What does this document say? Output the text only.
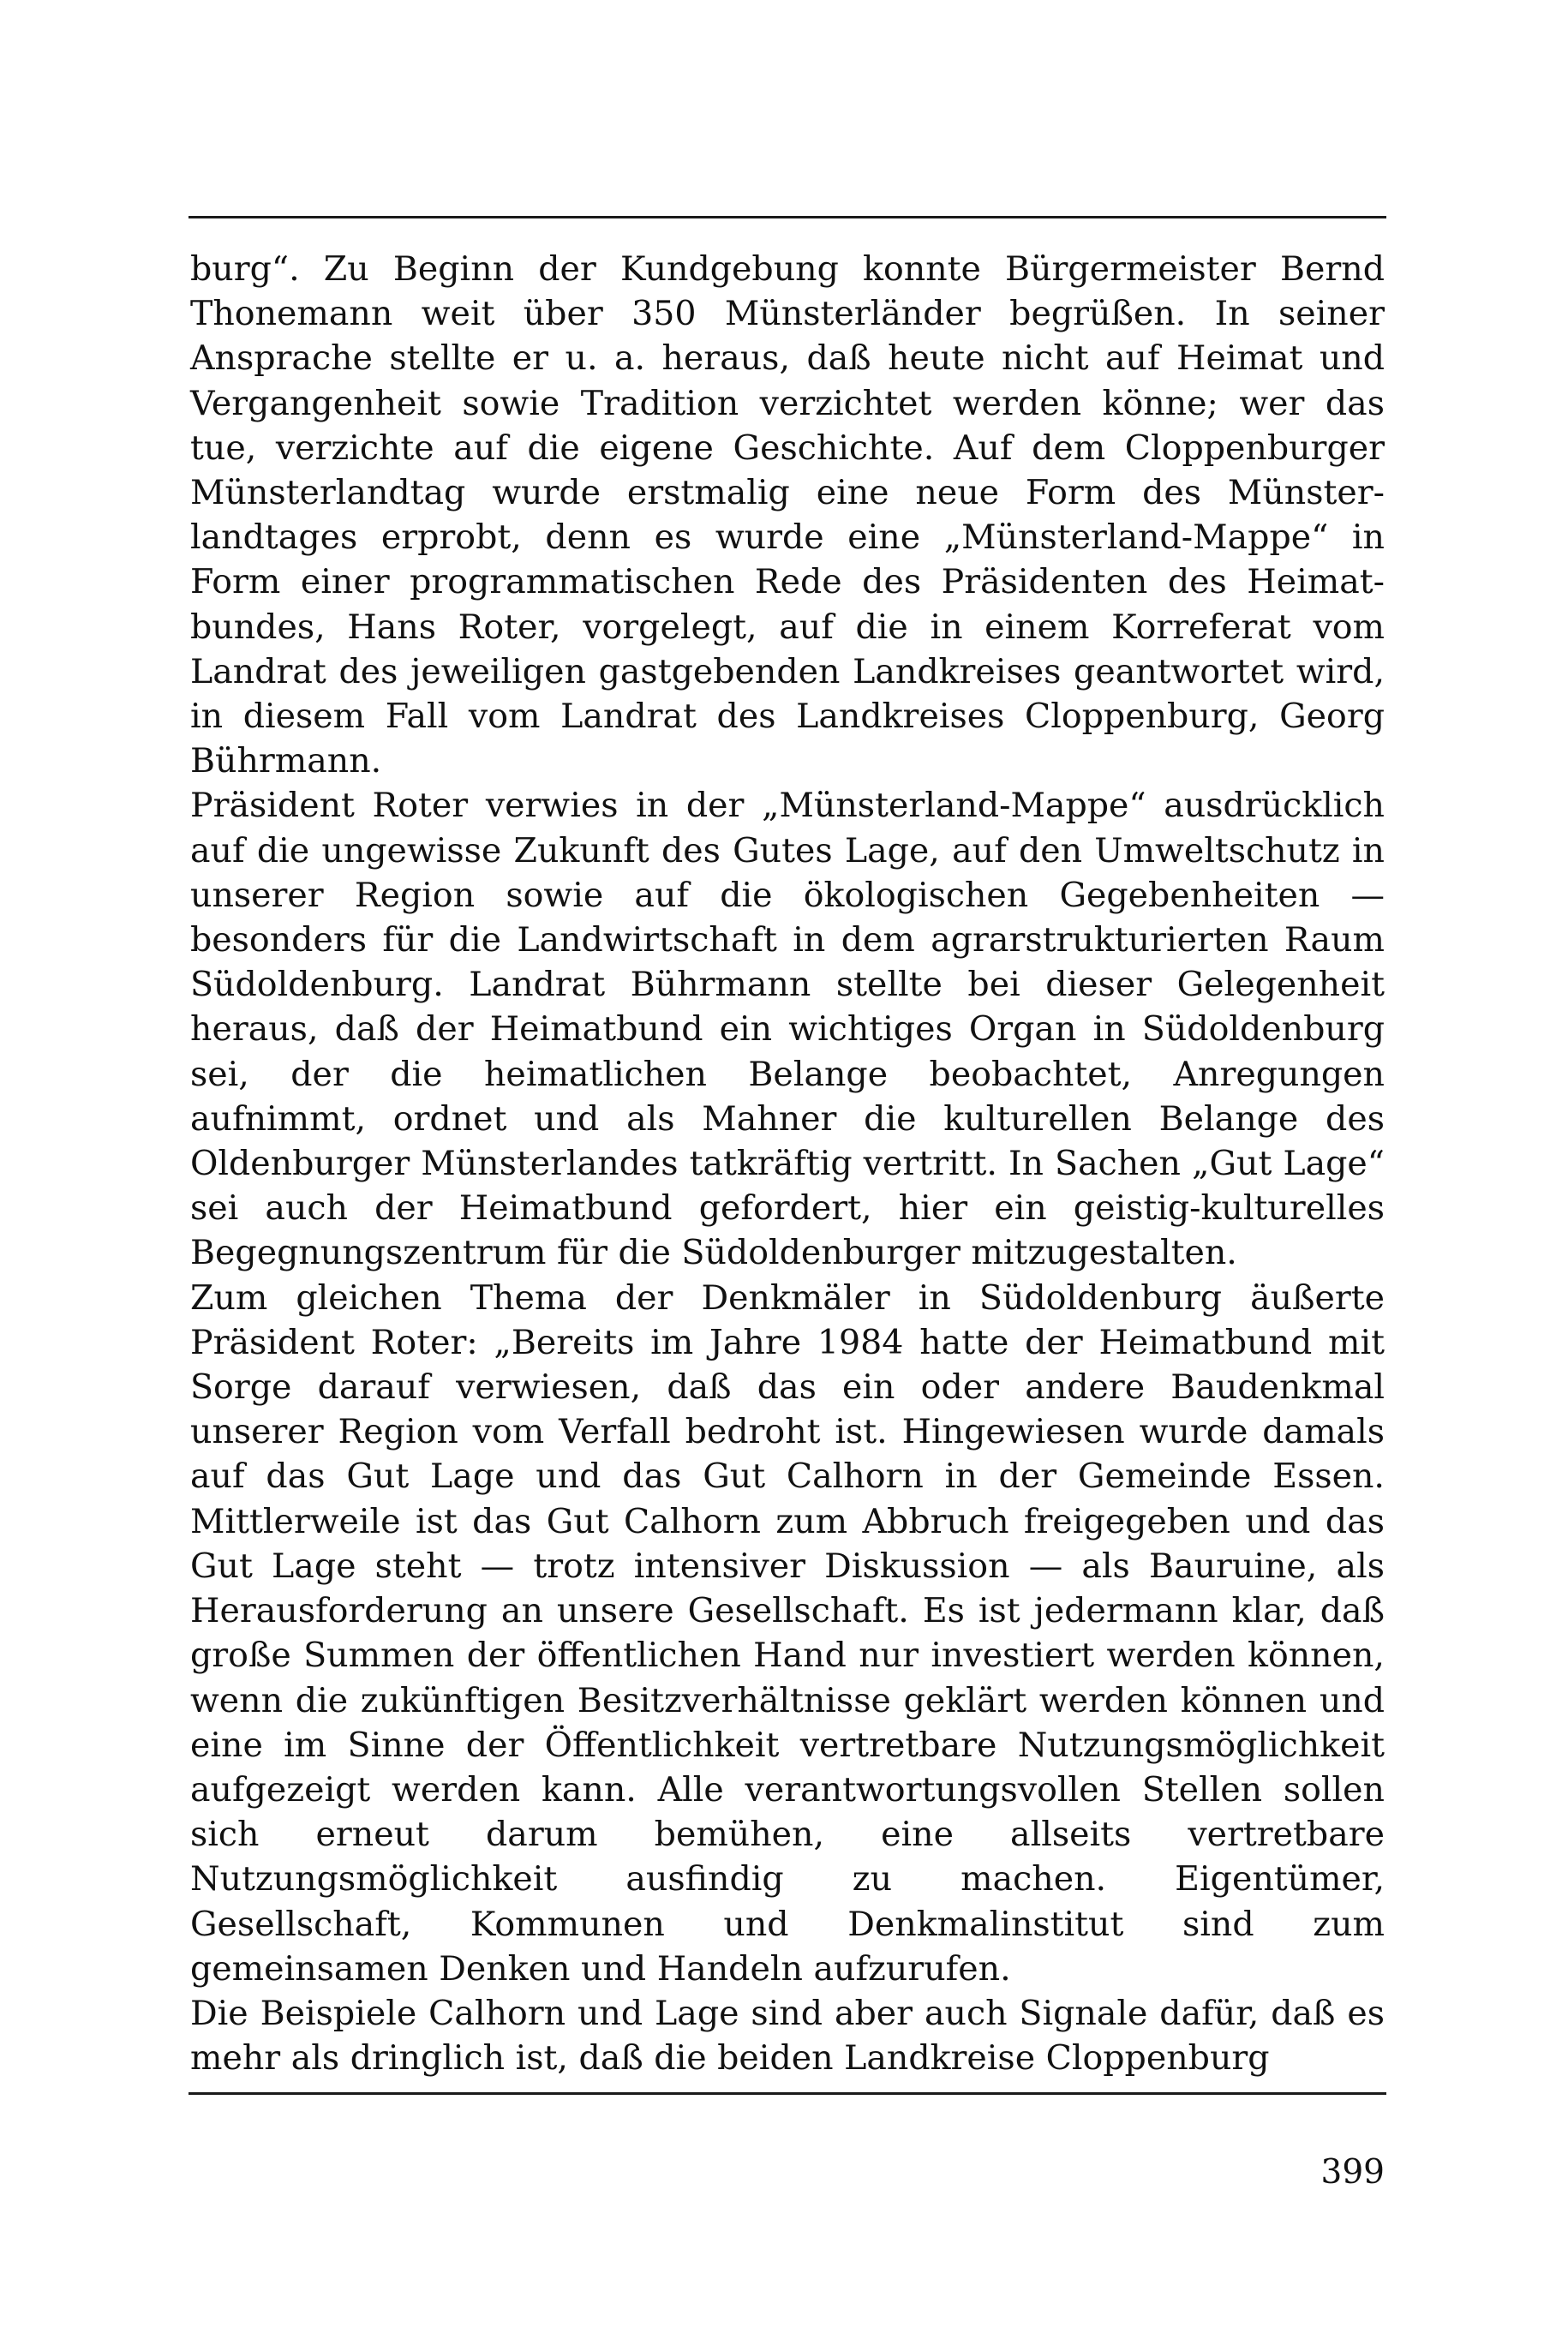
burg“. Zu Beginn der Kundgebung konnte Bürgermeister Bernd Thonemann weit über 350 Münsterländer begrüßen. In seiner Ansprache stellte er u. a. heraus, daß heute nicht auf Heimat und Vergangenheit sowie Tradition verzichtet werden könne; wer das tue, verzichte auf die eigene Geschichte. Auf dem Cloppenburger Münsterlandtag wurde erstmalig eine neue Form des Münsterlandtages erprobt, denn es wurde eine „Münsterland-Mappe“ in Form einer programmatischen Rede des Präsidenten des Heimatbundes, Hans Roter, vorgelegt, auf die in einem Korreferat vom Landrat des jeweiligen gastgebenden Landkreises geantwortet wird, in diesem Fall vom Landrat des Landkreises Cloppenburg, Georg Bührmann.

Präsident Roter verwies in der „Münsterland-Mappe“ ausdrücklich auf die ungewisse Zukunft des Gutes Lage, auf den Umweltschutz in unserer Region sowie auf die ökologischen Gegebenheiten — besonders für die Landwirtschaft in dem agrarstrukturierten Raum Südoldenburg. Landrat Bührmann stellte bei dieser Gelegenheit heraus, daß der Heimatbund ein wichtiges Organ in Südoldenburg sei, der die heimatlichen Belange beobachtet, Anregungen aufnimmt, ordnet und als Mahner die kulturellen Belange des Oldenburger Münsterlandes tatkräftig vertritt. In Sachen „Gut Lage“ sei auch der Heimatbund gefordert, hier ein geistig-kulturelles Begegnungszentrum für die Südoldenburger mitzugestalten.

Zum gleichen Thema der Denkmäler in Südoldenburg äußerte Präsident Roter: „Bereits im Jahre 1984 hatte der Heimatbund mit Sorge darauf verwiesen, daß das ein oder andere Baudenkmal unserer Region vom Verfall bedroht ist. Hingewiesen wurde damals auf das Gut Lage und das Gut Calhorn in der Gemeinde Essen. Mittlerweile ist das Gut Calhorn zum Abbruch freigegeben und das Gut Lage steht — trotz intensiver Diskussion — als Bauruine, als Herausforderung an unsere Gesellschaft. Es ist jedermann klar, daß große Summen der öffentlichen Hand nur investiert werden können, wenn die zukünftigen Besitzverhältnisse geklärt werden können und eine im Sinne der Öffentlichkeit vertretbare Nutzungsmöglichkeit aufgezeigt werden kann. Alle verantwortungsvollen Stellen sollen sich erneut darum bemühen, eine allseits vertretbare Nutzungsmöglichkeit ausfindig zu machen. Eigentümer, Gesellschaft, Kommunen und Denkmalinstitut sind zum gemeinsamen Denken und Handeln aufzurufen.

Die Beispiele Calhorn und Lage sind aber auch Signale dafür, daß es mehr als dringlich ist, daß die beiden Landkreise Cloppenburg

399
